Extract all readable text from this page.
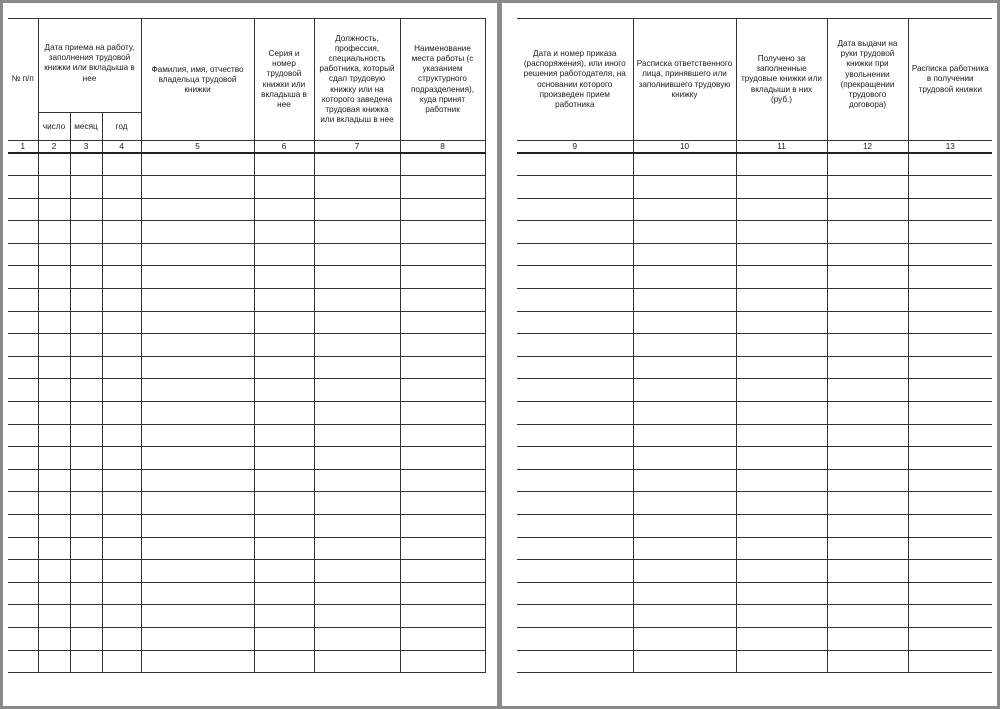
№ п/п	Дата приема на работу, заполнения трудовой книжки или вкладыша в нее			Фамилия, имя, отчество владельца трудовой книжки	Серия и номер трудовой книжки или вкладыша в нее	Должность, профессия, специальность работника, который сдал трудовую книжку или на которого заведена трудовая книжка или вкладыш в нее	Наименование места работы (с указанием структурного подразделения), куда принят работник

	число	месяц	год				
1	2	3	4	5	6	7	8

Дата и номер приказа (распоряжения), или иного решения работодателя, на основании которого произведен прием работника	Расписка ответственного лица, принявшего или заполнившего трудовую книжку	Получено за заполненные трудовые книжки или вкладыши в них (руб.)	Дата выдачи на руки трудовой книжки при увольнении (прекращении трудового договора)	Расписка работника в получении трудовой книжки

9	10	11	12	13
